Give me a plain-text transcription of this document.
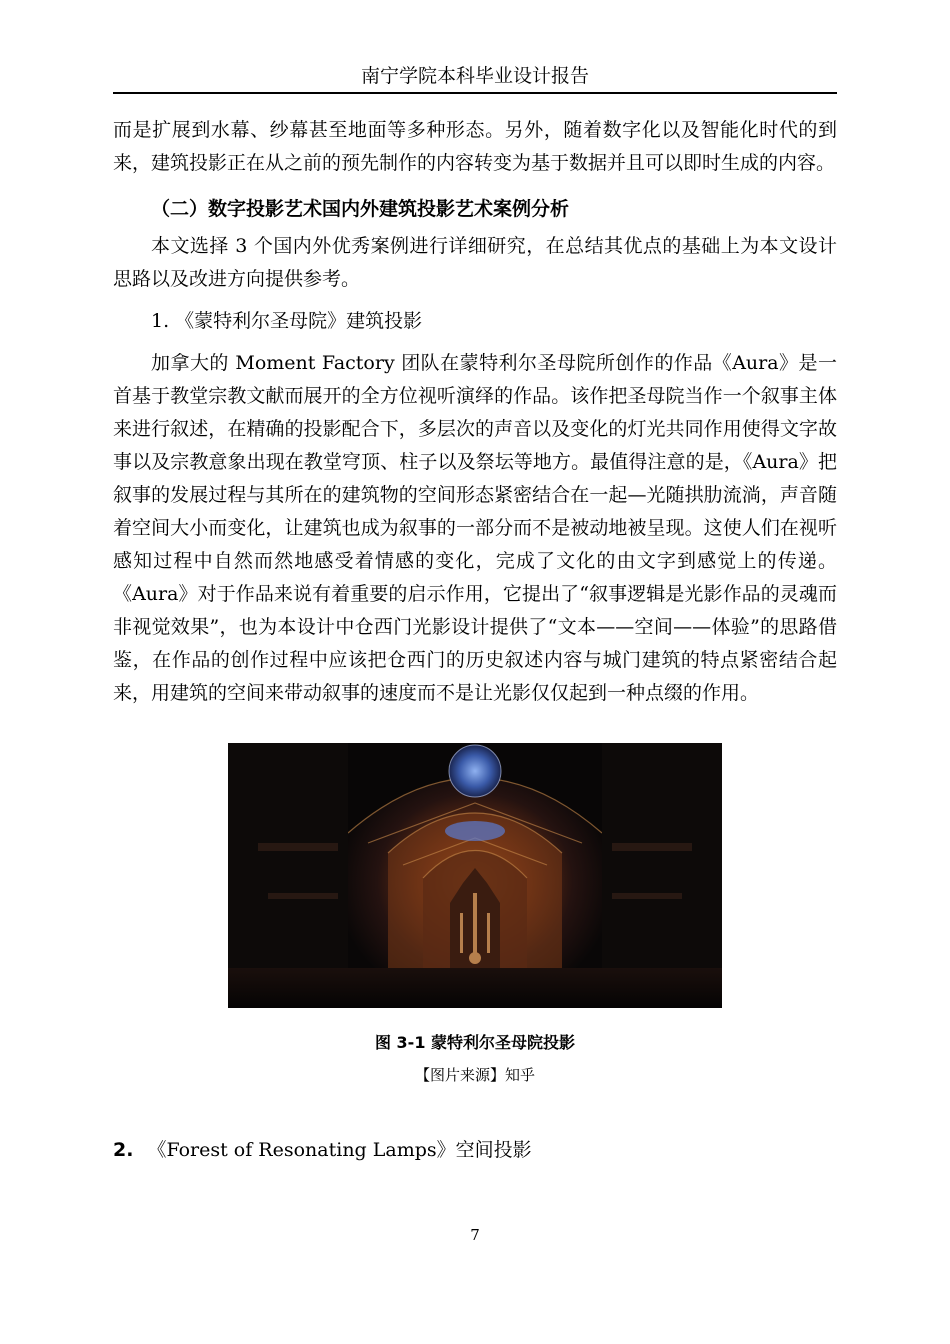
南宁学院本科毕业设计报告

而是扩展到水幕、纱幕甚至地面等多种形态。另外，随着数字化以及智能化时代的到来，建筑投影正在从之前的预先制作的内容转变为基于数据并且可以即时生成的内容。

（二）数字投影艺术国内外建筑投影艺术案例分析

本文选择 3 个国内外优秀案例进行详细研究，在总结其优点的基础上为本文设计思路以及改进方向提供参考。

1. 《蒙特利尔圣母院》建筑投影

加拿大的 Moment Factory 团队在蒙特利尔圣母院所创作的作品《Aura》是一首基于教堂宗教文献而展开的全方位视听演绎的作品。该作把圣母院当作一个叙事主体来进行叙述，在精确的投影配合下，多层次的声音以及变化的灯光共同作用使得文字故事以及宗教意象出现在教堂穹顶、柱子以及祭坛等地方。最值得注意的是，《Aura》把叙事的发展过程与其所在的建筑物的空间形态紧密结合在一起—光随拱肋流淌，声音随着空间大小而变化，让建筑也成为叙事的一部分而不是被动地被呈现。这使人们在视听感知过程中自然而然地感受着情感的变化，完成了文化的由文字到感觉上的传递。《Aura》对于作品来说有着重要的启示作用，它提出了“叙事逻辑是光影作品的灵魂而非视觉效果”，也为本设计中仓西门光影设计提供了“文本——空间——体验”的思路借鉴，在作品的创作过程中应该把仓西门的历史叙述内容与城门建筑的特点紧密结合起来，用建筑的空间来带动叙事的速度而不是让光影仅仅起到一种点缀的作用。

图 3-1 蒙特利尔圣母院投影
【图片来源】知乎
2. 《Forest of Resonating Lamps》空间投影
7
